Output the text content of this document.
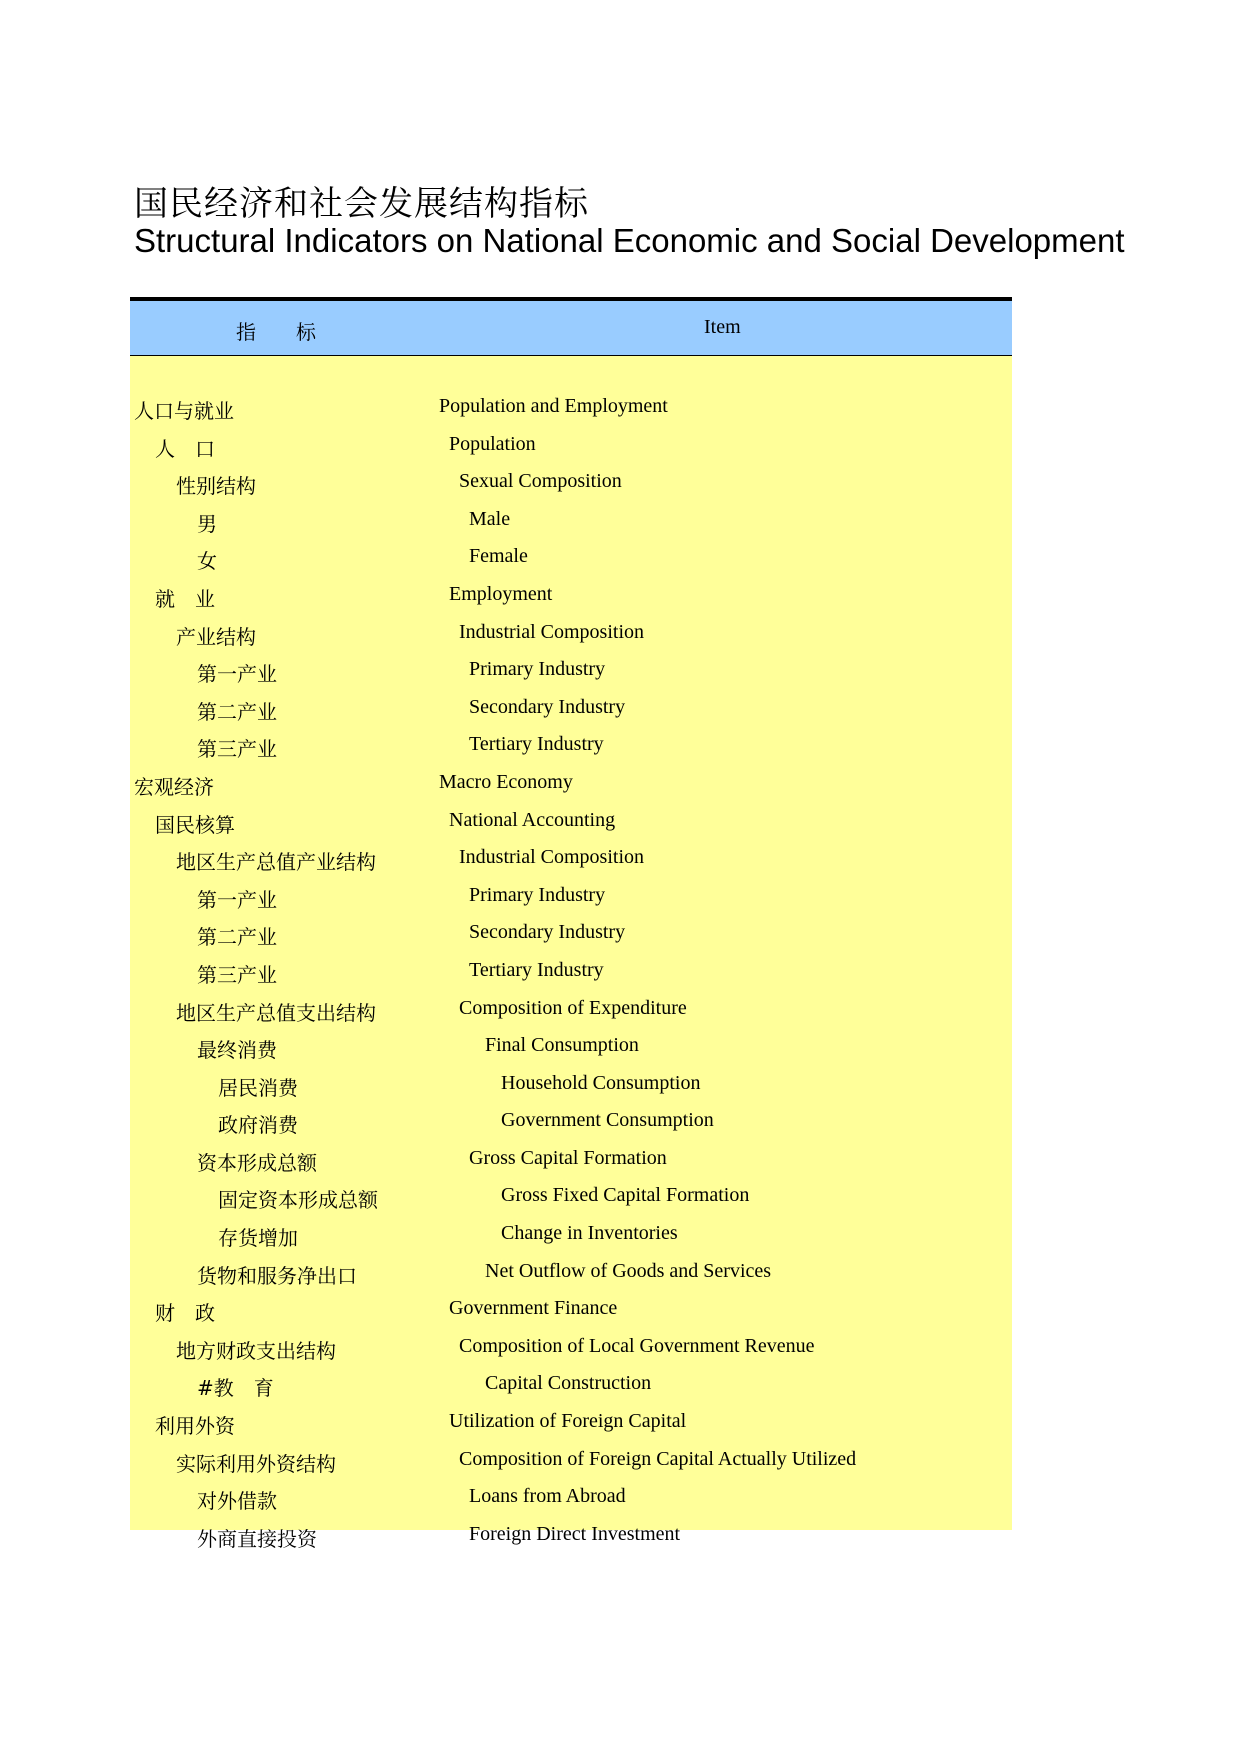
国民经济和社会发展结构指标
Structural Indicators on National Economic and Social Development
指　　标	Item
人口与就业	Population and Employment
人　口	Population
性别结构	Sexual Composition
男	Male
女	Female
就　业	Employment
产业结构	Industrial Composition
第一产业	Primary Industry
第二产业	Secondary Industry
第三产业	Tertiary Industry
宏观经济	Macro Economy
国民核算	National Accounting
地区生产总值产业结构	Industrial Composition
第一产业	Primary Industry
第二产业	Secondary Industry
第三产业	Tertiary Industry
地区生产总值支出结构	Composition of Expenditure
最终消费	Final Consumption
居民消费	Household Consumption
政府消费	Government Consumption
资本形成总额	Gross Capital Formation
固定资本形成总额	Gross Fixed Capital Formation
存货增加	Change in Inventories
货物和服务净出口	Net Outflow of Goods and Services
财　政	Government Finance
地方财政支出结构	Composition of Local Government Revenue
#教　育	Capital Construction
利用外资	Utilization of Foreign Capital
实际利用外资结构	Composition of Foreign Capital Actually Utilized
对外借款	Loans from Abroad
外商直接投资	Foreign Direct Investment
